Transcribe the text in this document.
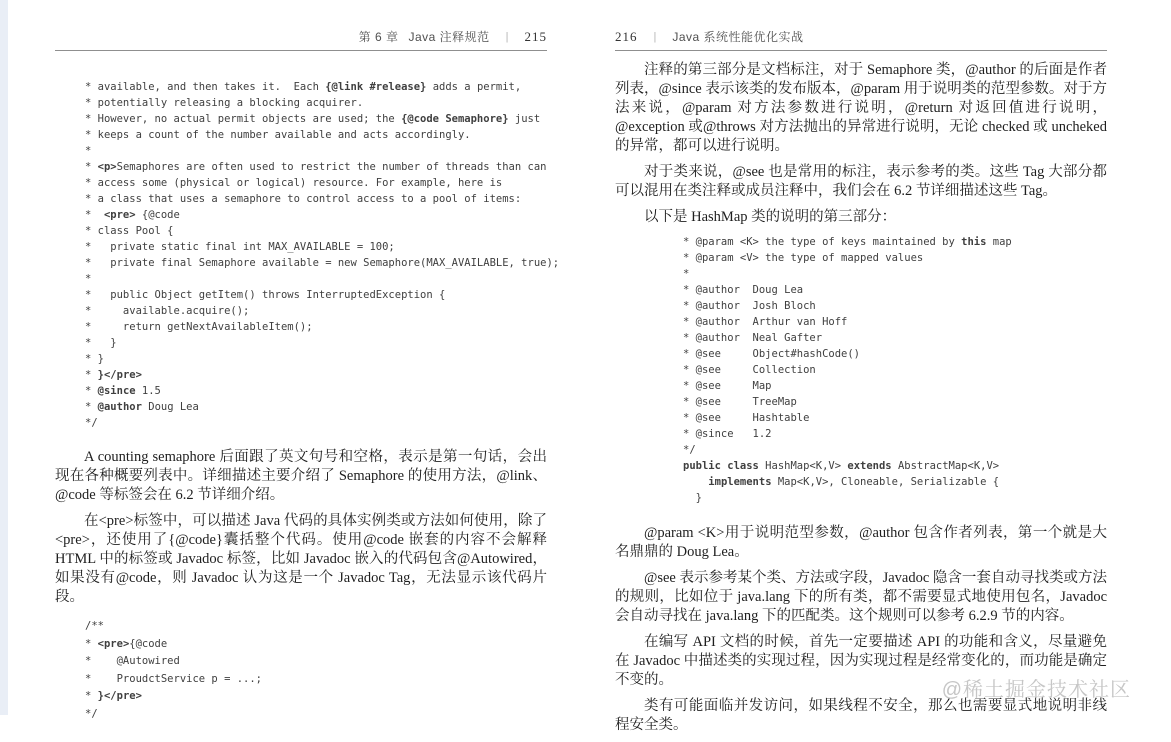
第 6 章 Java 注释规范 | 215
* available, and then takes it.  Each {@link #release} adds a permit,
* potentially releasing a blocking acquirer.
* However, no actual permit objects are used; the {@code Semaphore} just
* keeps a count of the number available and acts accordingly.
*
* <p>Semaphores are often used to restrict the number of threads than can
* access some (physical or logical) resource. For example, here is
* a class that uses a semaphore to control access to a pool of items:
*  <pre> {@code
* class Pool {
*   private static final int MAX_AVAILABLE = 100;
*   private final Semaphore available = new Semaphore(MAX_AVAILABLE, true);
*
*   public Object getItem() throws InterruptedException {
*     available.acquire();
*     return getNextAvailableItem();
*   }
* }
* }</pre>
* @since 1.5
* @author Doug Lea
*/

A counting semaphore 后面跟了英文句号和空格，表示是第一句话，会出现在各种概要列表中。详细描述主要介绍了 Semaphore 的使用方法，@link、@code 等标签会在 6.2 节详细介绍。

在<pre>标签中，可以描述 Java 代码的具体实例类或方法如何使用，除了<pre>，还使用了{@code}囊括整个代码。使用@code 嵌套的内容不会解释 HTML 中的标签或 Javadoc 标签，比如 Javadoc 嵌入的代码包含@Autowired，如果没有@code，则 Javadoc 认为这是一个 Javadoc Tag，无法显示该代码片段。

/**
* <pre>{@code
*    @Autowired
*    ProudctService p = ...;
* }</pre>
*/
216 | Java 系统性能优化实战

注释的第三部分是文档标注，对于 Semaphore 类，@author 的后面是作者列表，@since 表示该类的发布版本，@param 用于说明类的范型参数。对于方法来说，@param 对方法参数进行说明，@return 对返回值进行说明，@exception 或@throws 对方法抛出的异常进行说明，无论 checked 或 uncheked 的异常，都可以进行说明。

对于类来说，@see 也是常用的标注，表示参考的类。这些 Tag 大部分都可以混用在类注释或成员注释中，我们会在 6.2 节详细描述这些 Tag。

以下是 HashMap 类的说明的第三部分：

* @param <K> the type of keys maintained by this map
* @param <V> the type of mapped values
*
* @author  Doug Lea
* @author  Josh Bloch
* @author  Arthur van Hoff
* @author  Neal Gafter
* @see     Object#hashCode()
* @see     Collection
* @see     Map
* @see     TreeMap
* @see     Hashtable
* @since   1.2
*/
public class HashMap<K,V> extends AbstractMap<K,V>
implements Map<K,V>, Cloneable, Serializable {
}

@param <K>用于说明范型参数，@author 包含作者列表，第一个就是大名鼎鼎的 Doug Lea。

@see 表示参考某个类、方法或字段，Javadoc 隐含一套自动寻找类或方法的规则，比如位于 java.lang 下的所有类，都不需要显式地使用包名，Javadoc 会自动寻找在 java.lang 下的匹配类。这个规则可以参考 6.2.9 节的内容。

在编写 API 文档的时候，首先一定要描述 API 的功能和含义，尽量避免在 Javadoc 中描述类的实现过程，因为实现过程是经常变化的，而功能是确定不变的。

类有可能面临并发访问，如果线程不安全，那么也需要显式地说明非线程安全类。

@稀土掘金技术社区
